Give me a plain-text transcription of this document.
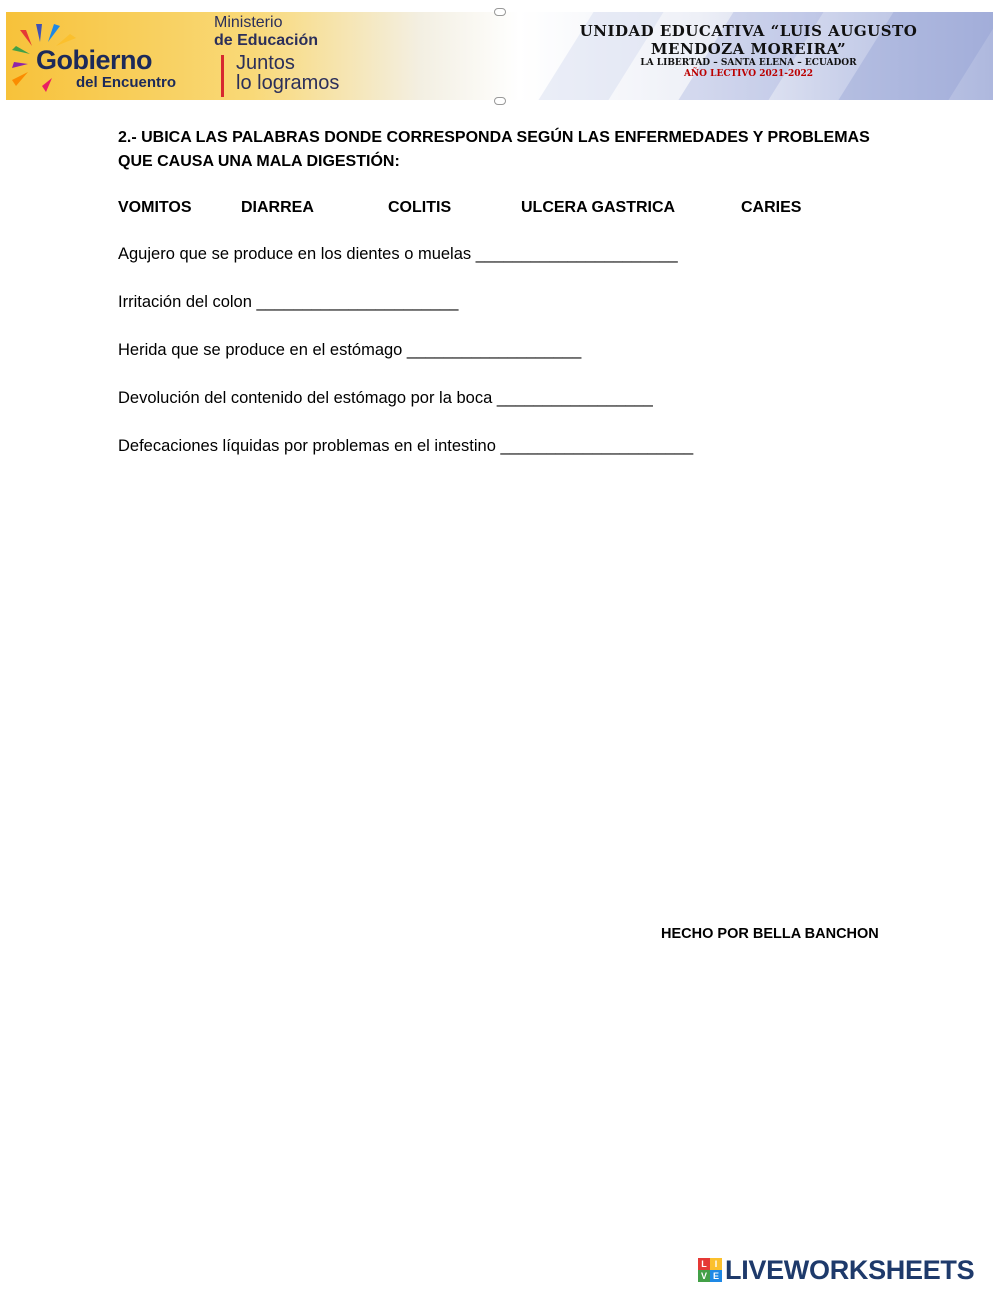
Gobierno
del Encuentro
Ministerio
de Educación
Juntos
lo logramos
UNIDAD EDUCATIVA “LUIS AUGUSTO
MENDOZA MOREIRA”
LA LIBERTAD – SANTA ELENA – ECUADOR
AÑO LECTIVO 2021-2022

2.- UBICA LAS PALABRAS DONDE CORRESPONDA SEGÚN LAS ENFERMEDADES Y PROBLEMAS

QUE CAUSA UNA MALA DIGESTIÓN:

VOMITOS	DIARREA	COLITIS	ULCERA GASTRICA	CARIES
Agujero que se produce en los dientes o muelas ______________________
Irritación del colon ______________________
Herida que se produce en el estómago ___________________
Devolución del contenido del estómago por la boca _________________
Defecaciones líquidas por problemas en el intestino _____________________
HECHO POR BELLA BANCHON
L I
V E LIVEWORKSHEETS
